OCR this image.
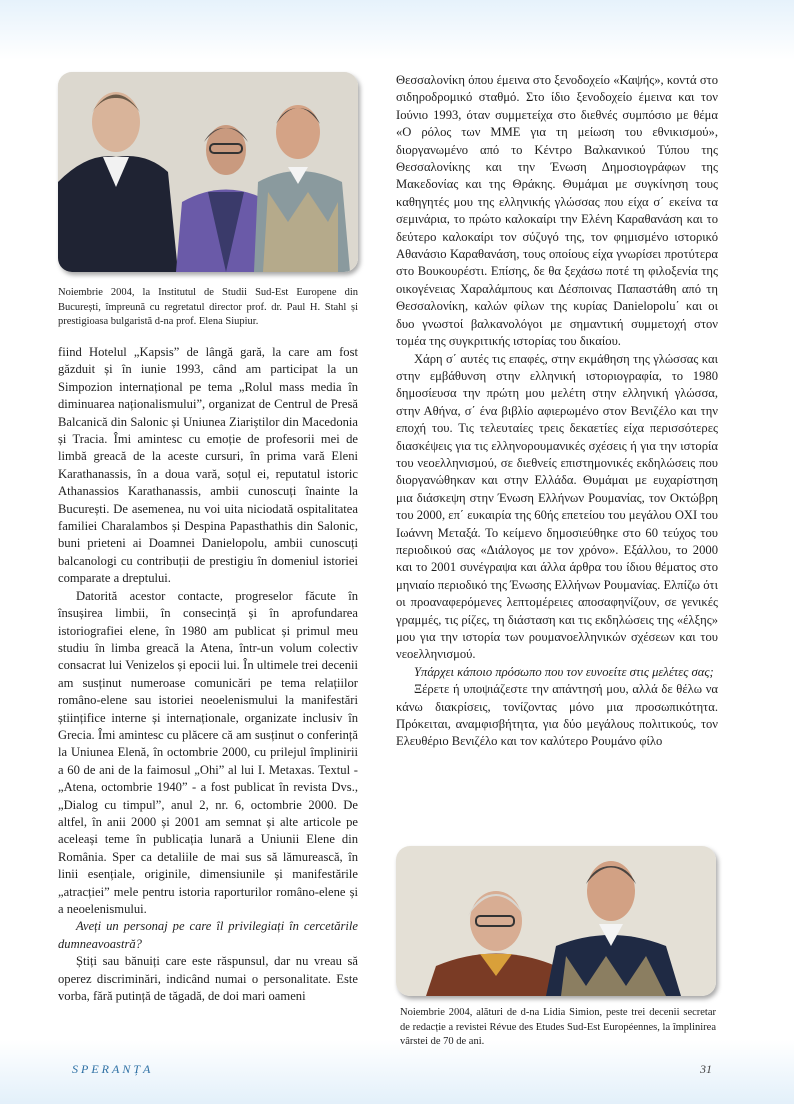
Noiembrie 2004, la Institutul de Studii Sud-Est Europene din București, împreună cu regretatul director prof. dr. Paul H. Stahl și prestigioasa bulgaristă d-na prof. Elena Siupiur.

fiind Hotelul „Kapsis” de lângă gară, la care am fost găzduit și în iunie 1993, când am participat la un Simpozion internațional pe tema „Rolul mass media în diminuarea naționalismului”, organizat de Centrul de Presă Balcanică din Salonic și Uniunea Ziariștilor din Macedonia și Tracia. Îmi amintesc cu emoție de profesorii mei de limbă greacă de la aceste cursuri, în prima vară Eleni Karathanassis, în a doua vară, soțul ei, reputatul istoric Athanassios Karathanassis, ambii cunoscuți înainte la București. De asemenea, nu voi uita niciodată ospitalitatea familiei Charalambos și Despina Papasthathis din Salonic, buni prieteni ai Doamnei Danielopolu, ambii cunoscuți balcanologi cu contribuții de prestigiu în domeniul istoriei comparate a dreptului.

Datorită acestor contacte, progreselor făcute în însușirea limbii, în consecință și în aprofundarea istoriografiei elene, în 1980 am publicat și primul meu studiu în limba greacă la Atena, într-un volum colectiv consacrat lui Venizelos și epocii lui. În ultimele trei decenii am susținut numeroase comunicări pe tema relațiilor româno-elene sau istoriei neoelenismului la manifestări științifice interne și internaționale, organizate inclusiv în Grecia. Îmi amintesc cu plăcere că am susținut o conferință la Uniunea Elenă, în octombrie 2000, cu prilejul împlinirii a 60 de ani de la faimosul „Ohi” al lui I. Metaxas. Textul - „Atena, octombrie 1940” - a fost publicat în revista Dvs., „Dialog cu timpul”, anul 2, nr. 6, octombrie 2000. De altfel, în anii 2000 și 2001 am semnat și alte articole pe aceleași teme în publicația lunară a Uniunii Elene din România. Sper ca detaliile de mai sus să lămurească, în linii esențiale, originile, dimensiunile și manifestările „atracției” mele pentru istoria raporturilor româno-elene și a neoelenismului.

Aveți un personaj pe care îl privilegiați în cercetările dumneavoastră?

Știți sau bănuiți care este răspunsul, dar nu vreau să operez discriminări, indicând numai o personalitate. Este vorba, fără putință de tăgadă, de doi mari oameni

Θεσσαλονίκη όπου έμεινα στο ξενοδοχείο «Καψής», κοντά στο σιδηροδρομικό σταθμό. Στο ίδιο ξενοδοχείο έμεινα και τον Ιούνιο 1993, όταν συμμετείχα στο διεθνές συμπόσιο με θέμα «Ο ρόλος των ΜΜΕ για τη μείωση του εθνικισμού», διοργανωμένο από το Κέντρο Βαλκανικού Τύπου της Θεσσαλονίκης και την Ένωση Δημοσιογράφων της Μακεδονίας και της Θράκης. Θυμάμαι με συγκίνηση τους καθηγητές μου της ελληνικής γλώσσας που είχα σ΄ εκείνα τα σεμινάρια, το πρώτο καλοκαίρι την Ελένη Καραθανάση και το δεύτερο καλοκαίρι τον σύζυγό της, τον φημισμένο ιστορικό Αθανάσιο Καραθανάση, τους οποίους είχα γνωρίσει προτύτερα στο Βουκουρέστι. Επίσης, δε θα ξεχάσω ποτέ τη φιλοξενία της οικογένειας Χαραλάμπους και Δέσποινας Παπαστάθη από τη Θεσσαλονίκη, καλών φίλων της κυρίας Danielopolu΄ και οι δυο γνωστοί βαλκανολόγοι με σημαντική συμμετοχή στον τομέα της συγκριτικής ιστορίας του δικαίου.

Χάρη σ΄ αυτές τις επαφές, στην εκμάθηση της γλώσσας και στην εμβάθυνση στην ελληνική ιστοριογραφία, το 1980 δημοσίευσα την πρώτη μου μελέτη στην ελληνική γλώσσα, στην Αθήνα, σ΄ ένα βιβλίο αφιερωμένο στον Βενιζέλο και την εποχή του. Τις τελευταίες τρεις δεκαετίες είχα περισσότερες διασκέψεις για τις ελληνορουμανικές σχέσεις ή για την ιστορία του νεοελληνισμού, σε διεθνείς επιστημονικές εκδηλώσεις που διοργανώθηκαν και στην Ελλάδα. Θυμάμαι με ευχαρίστηση μια διάσκεψη στην Ένωση Ελλήνων Ρουμανίας, τον Οκτώβρη του 2000, επ΄ ευκαιρία της 60ής επετείου του μεγάλου ΟΧΙ του Ιωάννη Μεταξά. Το κείμενο δημοσιεύθηκε στο 60 τεύχος του περιοδικού σας «Διάλογος με τον χρόνο». Εξάλλου, το 2000 και το 2001 συνέγραψα και άλλα άρθρα του ίδιου θέματος στο μηνιαίο περιοδικό της Ένωσης Ελλήνων Ρουμανίας. Ελπίζω ότι οι προαναφερόμενες λεπτομέρειες αποσαφηνίζουν, σε γενικές γραμμές, τις ρίζες, τη διάσταση και τις εκδηλώσεις της «έλξης» μου για την ιστορία των ρουμανοελληνικών σχέσεων και του νεοελληνισμού.

Υπάρχει κάποιο πρόσωπο που τον ευνοείτε στις μελέτες σας;

Ξέρετε ή υποψιάζεστε την απάντησή μου, αλλά δε θέλω να κάνω διακρίσεις, τονίζοντας μόνο μια προσωπικότητα. Πρόκειται, αναμφισβήτητα, για δύο μεγάλους πολιτικούς, τον Ελευθέριο Βενιζέλο και τον καλύτερο Ρουμάνο φίλο

Noiembrie 2004, alături de d-na Lidia Simion, peste trei decenii secretar de redacție a revistei Révue des Etudes Sud-Est Européennes, la împlinirea vârstei de 70 de ani.
SPERANȚA	31
